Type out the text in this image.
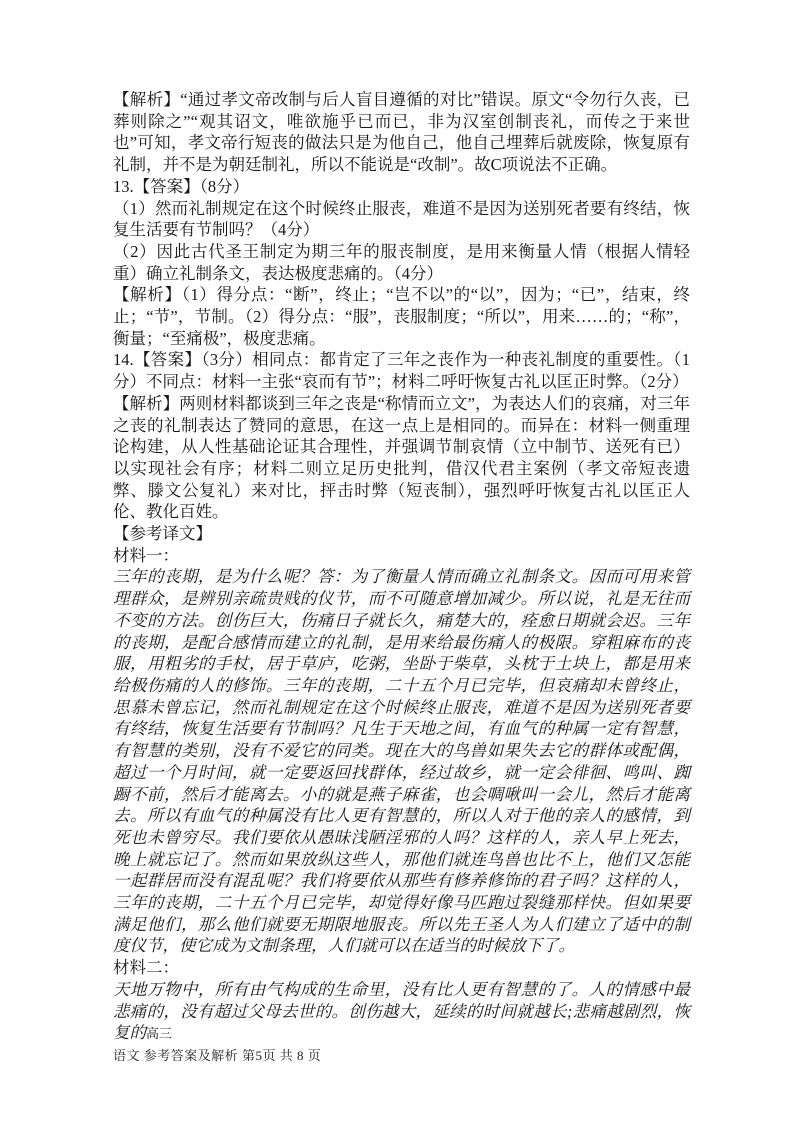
【解析】“通过孝文帝改制与后人盲目遵循的对比”错误。原文“令勿行久丧，已葬则除之”“观其诏文，唯欲施乎已而已，非为汉室创制丧礼，而传之于来世也”可知，孝文帝行短丧的做法只是为他自己，他自己埋葬后就废除，恢复原有礼制，并不是为朝廷制礼，所以不能说是“改制”。故C项说法不正确。

13.【答案】（8分）

（1）然而礼制规定在这个时候终止服丧，难道不是因为送别死者要有终结，恢复生活要有节制吗？（4分）

（2）因此古代圣王制定为期三年的服丧制度，是用来衡量人情（根据人情轻重）确立礼制条文，表达极度悲痛的。（4分）

【解析】（1）得分点：“断”，终止；“岂不以”的“以”，因为；“已”，结束，终止；“节”，节制。（2）得分点：“服”，丧服制度；“所以”，用来……的；“称”，衡量；“至痛极”，极度悲痛。

14.【答案】（3分）相同点：都肯定了三年之丧作为一种丧礼制度的重要性。（1分）不同点：材料一主张“哀而有节”；材料二呼吁恢复古礼以匡正时弊。（2分）

【解析】两则材料都谈到三年之丧是“称情而立文”，为表达人们的哀痛，对三年之丧的礼制表达了赞同的意思，在这一点上是相同的。而异在：材料一侧重理论构建，从人性基础论证其合理性，并强调节制哀情（立中制节、送死有已）以实现社会有序；材料二则立足历史批判，借汉代君主案例（孝文帝短丧遗弊、滕文公复礼）来对比，抨击时弊（短丧制），强烈呼吁恢复古礼以匡正人伦、教化百姓。

【参考译文】

材料一：

三年的丧期，是为什么呢？答：为了衡量人情而确立礼制条文。因而可用来管理群众，是辨别亲疏贵贱的仪节，而不可随意增加减少。所以说，礼是无往而不变的方法。创伤巨大，伤痛日子就长久，痛楚大的，痊愈日期就会迟。三年的丧期，是配合感情而建立的礼制，是用来给最伤痛人的极限。穿粗麻布的丧服，用粗劣的手杖，居于草庐，吃粥，坐卧于柴草，头枕于土块上，都是用来给极伤痛的人的修饰。三年的丧期，二十五个月已完毕，但哀痛却未曾终止，思慕未曾忘记，然而礼制规定在这个时候终止服丧，难道不是因为送别死者要有终结，恢复生活要有节制吗？凡生于天地之间，有血气的种属一定有智慧，有智慧的类别，没有不爱它的同类。现在大的鸟兽如果失去它的群体或配偶，超过一个月时间，就一定要返回找群体，经过故乡，就一定会徘徊、鸣叫、踟蹰不前，然后才能离去。小的就是燕子麻雀，也会啁啾叫一会儿，然后才能离去。所以有血气的种属没有比人更有智慧的，所以人对于他的亲人的感情，到死也未曾穷尽。我们要依从愚昧浅陋淫邪的人吗？这样的人，亲人早上死去，晚上就忘记了。然而如果放纵这些人，那他们就连鸟兽也比不上，他们又怎能一起群居而没有混乱呢？我们将要依从那些有修养修饰的君子吗？这样的人，三年的丧期，二十五个月已完毕，却觉得好像马匹跑过裂缝那样快。但如果要满足他们，那么他们就要无期限地服丧。所以先王圣人为人们建立了适中的制度仪节，使它成为文制条理，人们就可以在适当的时候放下了。

材料二：

天地万物中，所有由气构成的生命里，没有比人更有智慧的了。人的情感中最悲痛的，没有超过父母去世的。创伤越大，延续的时间就越长;悲痛越剧烈，恢复的高三

语文 参考答案及解析 第5页 共 8 页
